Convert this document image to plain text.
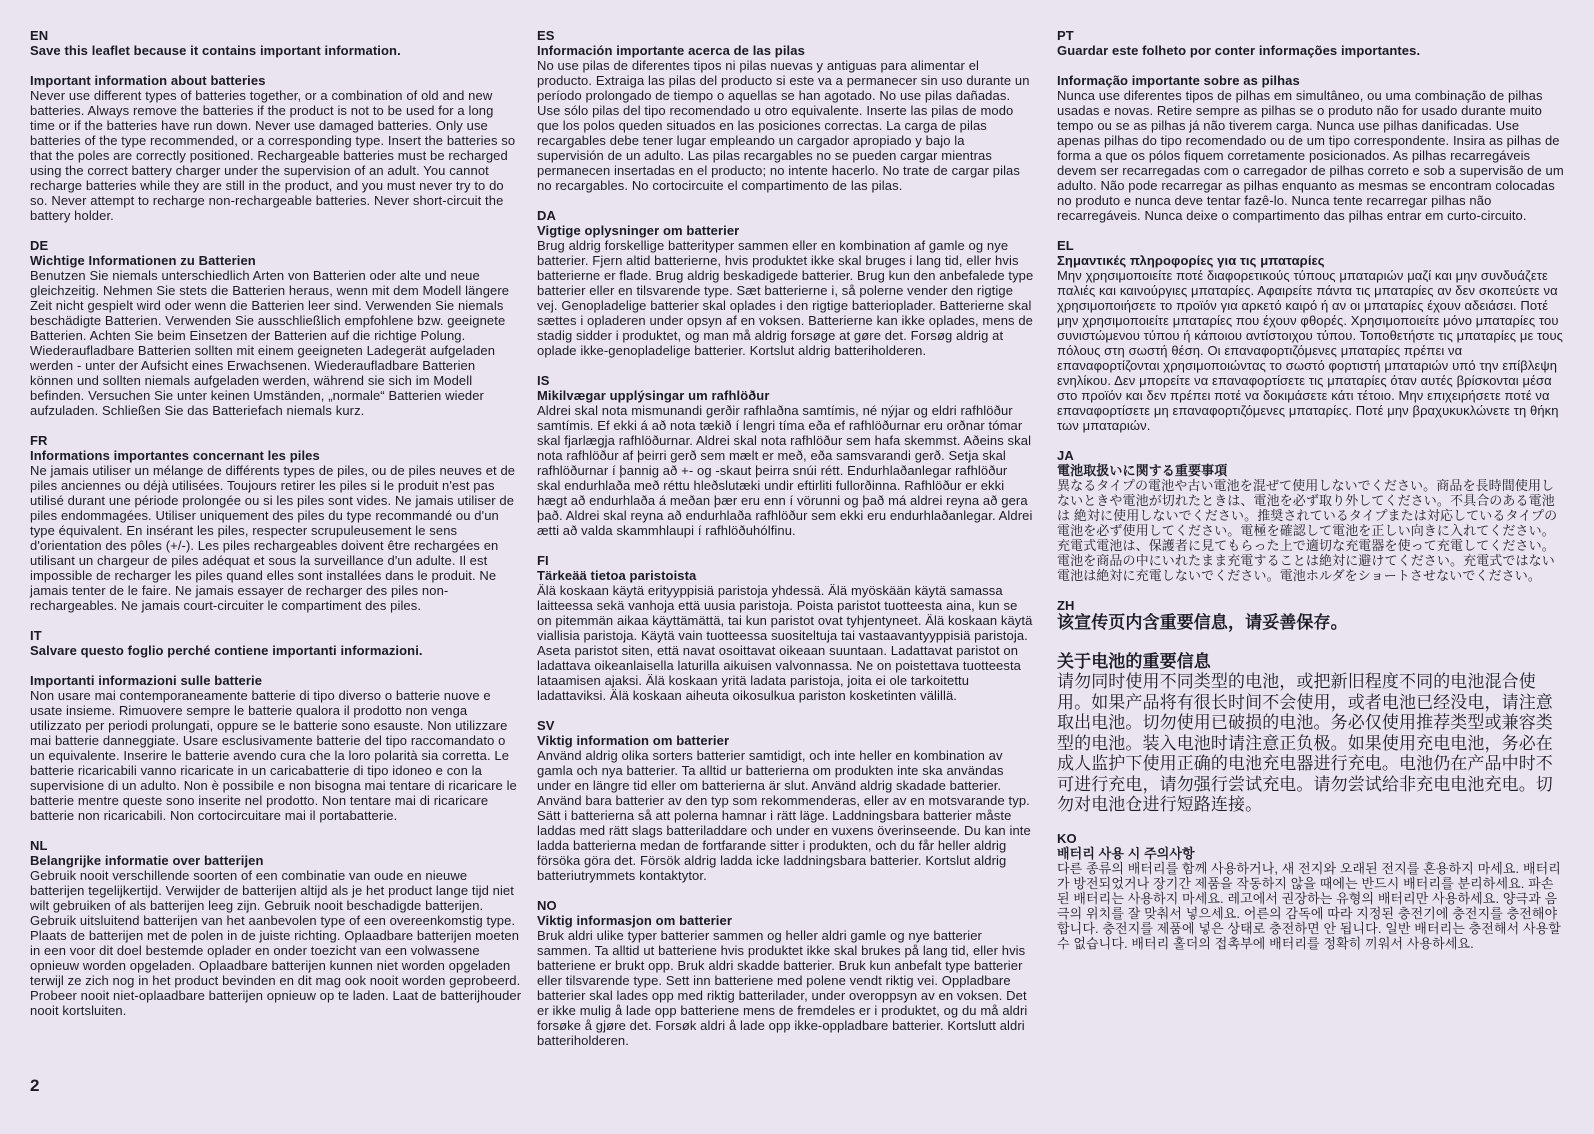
EN
Save this leaflet because it contains important information.
Important information about batteries
Never use different types of batteries together, or a combination of old and new batteries. Always remove the batteries if the product is not to be used for a long time or if the batteries have run down. Never use damaged batteries. Only use batteries of the type recommended, or a corresponding type. Insert the batteries so that the poles are correctly positioned. Rechargeable batteries must be recharged using the correct battery charger under the supervision of an adult. You cannot recharge batteries while they are still in the product, and you must never try to do so. Never attempt to recharge non-rechargeable batteries. Never short-circuit the battery holder.
DE
Wichtige Informationen zu Batterien
Benutzen Sie niemals unterschiedlich Arten von Batterien oder alte und neue gleichzeitig. Nehmen Sie stets die Batterien heraus, wenn mit dem Modell längere Zeit nicht gespielt wird oder wenn die Batterien leer sind. Verwenden Sie niemals beschädigte Batterien. Verwenden Sie ausschließlich empfohlene bzw. geeignete Batterien. Achten Sie beim Einsetzen der Batterien auf die richtige Polung. Wiederaufladbare Batterien sollten mit einem geeigneten Ladegerät aufgeladen werden - unter der Aufsicht eines Erwachsenen. Wiederaufladbare Batterien können und sollten niemals aufgeladen werden, während sie sich im Modell befinden. Versuchen Sie unter keinen Umständen, „normale“ Batterien wieder aufzuladen. Schließen Sie das Batteriefach niemals kurz.
FR
Informations importantes concernant les piles
Ne jamais utiliser un mélange de différents types de piles, ou de piles neuves et de piles anciennes ou déjà utilisées. Toujours retirer les piles si le produit n'est pas utilisé durant une période prolongée ou si les piles sont vides. Ne jamais utiliser de piles endommagées. Utiliser uniquement des piles du type recommandé ou d'un type équivalent. En insérant les piles, respecter scrupuleusement le sens d'orientation des pôles (+/-). Les piles rechargeables doivent être rechargées en utilisant un chargeur de piles adéquat et sous la surveillance d'un adulte. Il est impossible de recharger les piles quand elles sont installées dans le produit. Ne jamais tenter de le faire. Ne jamais essayer de recharger des piles non-rechargeables. Ne jamais court-circuiter le compartiment des piles.
IT
Salvare questo foglio perché contiene importanti informazioni.
Importanti informazioni sulle batterie
Non usare mai contemporaneamente batterie di tipo diverso o batterie nuove e usate insieme. Rimuovere sempre le batterie qualora il prodotto non venga utilizzato per periodi prolungati, oppure se le batterie sono esauste. Non utilizzare mai batterie danneggiate. Usare esclusivamente batterie del tipo raccomandato o un equivalente. Inserire le batterie avendo cura che la loro polarità sia corretta. Le batterie ricaricabili vanno ricaricate in un caricabatterie di tipo idoneo e con la supervisione di un adulto. Non è possibile e non bisogna mai tentare di ricaricare le batterie mentre queste sono inserite nel prodotto. Non tentare mai di ricaricare batterie non ricaricabili. Non cortocircuitare mai il portabatterie.
NL
Belangrijke informatie over batterijen
Gebruik nooit verschillende soorten of een combinatie van oude en nieuwe batterijen tegelijkertijd. Verwijder de batterijen altijd als je het product lange tijd niet wilt gebruiken of als batterijen leeg zijn. Gebruik nooit beschadigde batterijen. Gebruik uitsluitend batterijen van het aanbevolen type of een overeenkomstig type. Plaats de batterijen met de polen in de juiste richting. Oplaadbare batterijen moeten in een voor dit doel bestemde oplader en onder toezicht van een volwassene opnieuw worden opgeladen. Oplaadbare batterijen kunnen niet worden opgeladen terwijl ze zich nog in het product bevinden en dit mag ook nooit worden geprobeerd. Probeer nooit niet-oplaadbare batterijen opnieuw op te laden. Laat de batterijhouder nooit kortsluiten.
ES
Información importante acerca de las pilas
No use pilas de diferentes tipos ni pilas nuevas y antiguas para alimentar el producto. Extraiga las pilas del producto si este va a permanecer sin uso durante un período prolongado de tiempo o aquellas se han agotado. No use pilas dañadas. Use sólo pilas del tipo recomendado u otro equivalente. Inserte las pilas de modo que los polos queden situados en las posiciones correctas. La carga de pilas recargables debe tener lugar empleando un cargador apropiado y bajo la supervisión de un adulto. Las pilas recargables no se pueden cargar mientras permanecen insertadas en el producto; no intente hacerlo. No trate de cargar pilas no recargables. No cortocircuite el compartimento de las pilas.
DA
Vigtige oplysninger om batterier
Brug aldrig forskellige batterityper sammen eller en kombination af gamle og nye batterier. Fjern altid batterierne, hvis produktet ikke skal bruges i lang tid, eller hvis batterierne er flade. Brug aldrig beskadigede batterier. Brug kun den anbefalede type batterier eller en tilsvarende type. Sæt batterierne i, så polerne vender den rigtige vej. Genopladelige batterier skal oplades i den rigtige batterioplader. Batterierne skal sættes i opladeren under opsyn af en voksen. Batterierne kan ikke oplades, mens de stadig sidder i produktet, og man må aldrig forsøge at gøre det. Forsøg aldrig at oplade ikke-genopladelige batterier. Kortslut aldrig batteriholderen.
IS
Mikilvægar upplýsingar um rafhlöður
Aldrei skal nota mismunandi gerðir rafhlaðna samtímis, né nýjar og eldri rafhlöður samtímis. Ef ekki á að nota tækið í lengri tíma eða ef rafhlöðurnar eru orðnar tómar skal fjarlægja rafhlöðurnar. Aldrei skal nota rafhlöður sem hafa skemmst. Aðeins skal nota rafhlöður af þeirri gerð sem mælt er með, eða samsvarandi gerð. Setja skal rafhlöðurnar í þannig að +- og -skaut þeirra snúi rétt. Endurhlaðanlegar rafhlöður skal endurhlaða með réttu hleðslutæki undir eftirliti fullorðinna. Rafhlöður er ekki hægt að endurhlaða á meðan þær eru enn í vörunni og það má aldrei reyna að gera það. Aldrei skal reyna að endurhlaða rafhlöður sem ekki eru endurhlaðanlegar. Aldrei ætti að valda skammhlaupi í rafhlöðuhólfinu.
FI
Tärkeää tietoa paristoista
Älä koskaan käytä erityyppisiä paristoja yhdessä. Älä myöskään käytä samassa laitteessa sekä vanhoja että uusia paristoja. Poista paristot tuotteesta aina, kun se on pitemmän aikaa käyttämättä, tai kun paristot ovat tyhjentyneet. Älä koskaan käytä viallisia paristoja. Käytä vain tuotteessa suositeltuja tai vastaavantyyppisiä paristoja. Aseta paristot siten, että navat osoittavat oikeaan suuntaan. Ladattavat paristot on ladattava oikeanlaisella laturilla aikuisen valvonnassa. Ne on poistettava tuotteesta lataamisen ajaksi. Älä koskaan yritä ladata paristoja, joita ei ole tarkoitettu ladattaviksi. Älä koskaan aiheuta oikosulkua pariston kosketinten välillä.
SV
Viktig information om batterier
Använd aldrig olika sorters batterier samtidigt, och inte heller en kombination av gamla och nya batterier. Ta alltid ur batterierna om produkten inte ska användas under en längre tid eller om batterierna är slut. Använd aldrig skadade batterier. Använd bara batterier av den typ som rekommenderas, eller av en motsvarande typ. Sätt i batterierna så att polerna hamnar i rätt läge. Laddningsbara batterier måste laddas med rätt slags batteriladdare och under en vuxens överinseende. Du kan inte ladda batterierna medan de fortfarande sitter i produkten, och du får heller aldrig försöka göra det. Försök aldrig ladda icke laddningsbara batterier. Kortslut aldrig batteriutrymmets kontaktytor.
NO
Viktig informasjon om batterier
Bruk aldri ulike typer batterier sammen og heller aldri gamle og nye batterier sammen. Ta alltid ut batteriene hvis produktet ikke skal brukes på lang tid, eller hvis batteriene er brukt opp. Bruk aldri skadde batterier. Bruk kun anbefalt type batterier eller tilsvarende type. Sett inn batteriene med polene vendt riktig vei. Oppladbare batterier skal lades opp med riktig batterilader, under overoppsyn av en voksen. Det er ikke mulig å lade opp batteriene mens de fremdeles er i produktet, og du må aldri forsøke å gjøre det. Forsøk aldri å lade opp ikke-oppladbare batterier. Kortslutt aldri batteriholderen.
PT
Guardar este folheto por conter informações importantes.
Informação importante sobre as pilhas
Nunca use diferentes tipos de pilhas em simultâneo, ou uma combinação de pilhas usadas e novas. Retire sempre as pilhas se o produto não for usado durante muito tempo ou se as pilhas já não tiverem carga. Nunca use pilhas danificadas. Use apenas pilhas do tipo recomendado ou de um tipo correspondente. Insira as pilhas de forma a que os pólos fiquem corretamente posicionados. As pilhas recarregáveis devem ser recarregadas com o carregador de pilhas correto e sob a supervisão de um adulto. Não pode recarregar as pilhas enquanto as mesmas se encontram colocadas no produto e nunca deve tentar fazê-lo. Nunca tente recarregar pilhas não recarregáveis. Nunca deixe o compartimento das pilhas entrar em curto-circuito.
EL
Σημαντικές πληροφορίες για τις μπαταρίες
Μην χρησιμοποιείτε ποτέ διαφορετικούς τύπους μπαταριών μαζί και μην συνδυάζετε παλιές και καινούργιες μπαταρίες. Αφαιρείτε πάντα τις μπαταρίες αν δεν σκοπεύετε να χρησιμοποιήσετε το προϊόν για αρκετό καιρό ή αν οι μπαταρίες έχουν αδειάσει. Ποτέ μην χρησιμοποιείτε μπαταρίες που έχουν φθορές. Χρησιμοποιείτε μόνο μπαταρίες του συνιστώμενου τύπου ή κάποιου αντίστοιχου τύπου. Τοποθετήστε τις μπαταρίες με τους πόλους στη σωστή θέση. Οι επαναφορτιζόμενες μπαταρίες πρέπει να επαναφορτίζονται χρησιμοποιώντας το σωστό φορτιστή μπαταριών υπό την επίβλεψη ενηλίκου. Δεν μπορείτε να επαναφορτίσετε τις μπαταρίες όταν αυτές βρίσκονται μέσα στο προϊόν και δεν πρέπει ποτέ να δοκιμάσετε κάτι τέτοιο. Μην επιχειρήσετε ποτέ να επαναφορτίσετε μη επαναφορτιζόμενες μπαταρίες. Ποτέ μην βραχυκυκλώνετε τη θήκη των μπαταριών.
JA
電池取扱いに関する重要事項
異なるタイプの電池や古い電池を混ぜて使用しないでください。商品を長時間使用しないときや電池が切れたときは、電池を必ず取り外してください。不具合のある電池は 絶対に使用しないでください。推奨されているタイプまたは対応しているタイプの電池を必ず使用してください。電極を確認して電池を正しい向きに入れてください。充電式電池は、保護者に見てもらった上で適切な充電器を使って充電してください。電池を商品の中にいれたまま充電することは絶対に避けてください。充電式ではない電池は絶対に充電しないでください。電池ホルダをショートさせないでください。
ZH
该宣传页内含重要信息，请妥善保存。
关于电池的重要信息
请勿同时使用不同类型的电池，或把新旧程度不同的电池混合使用。如果产品将有很长时间不会使用，或者电池已经没电，请注意取出电池。切勿使用已破损的电池。务必仅使用推荐类型或兼容类型的电池。装入电池时请注意正负极。如果使用充电电池，务必在成人监护下使用正确的电池充电器进行充电。电池仍在产品中时不可进行充电，请勿强行尝试充电。请勿尝试给非充电电池充电。切勿对电池仓进行短路连接。
KO
배터리 사용 시 주의사항
다른 종류의 배터리를 함께 사용하거나, 새 전지와 오래된 전지를 혼용하지 마세요. 배터리가 방전되었거나 장기간 제품을 작동하지 않을 때에는 반드시 배터리를 분리하세요. 파손된 배터리는 사용하지 마세요. 레고에서 권장하는 유형의 배터리만 사용하세요. 양극과 음극의 위치를 잘 맞춰서 넣으세요. 어른의 감독에 따라 지정된 충전기에 충전지를 충전해야 합니다. 충전지를 제품에 넣은 상태로 충전하면 안 됩니다. 일반 배터리는 충전해서 사용할 수 없습니다. 배터리 홀더의 접촉부에 배터리를 정확히 끼워서 사용하세요.
2
